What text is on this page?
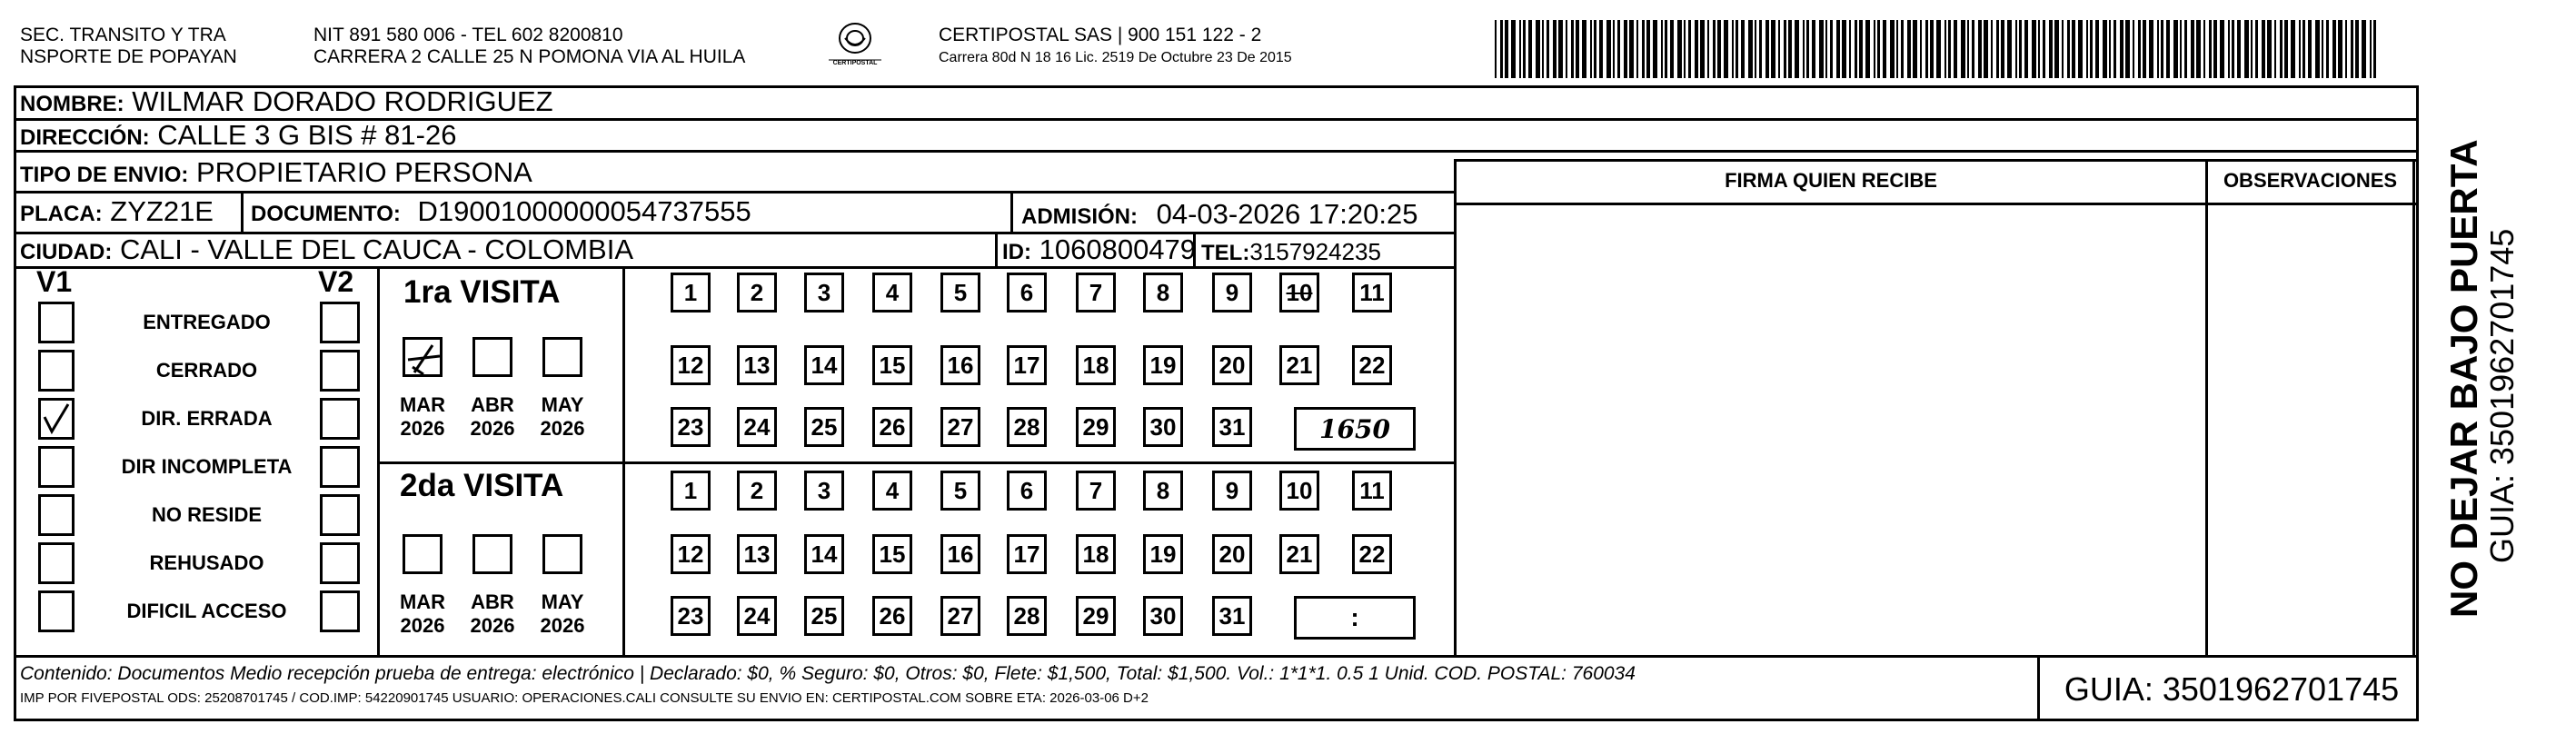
SEC. TRANSITO Y TRA
NSPORTE DE POPAYAN
NIT 891 580 006 - TEL 602 8200810
CARRERA 2 CALLE 25 N POMONA VIA AL HUILA	CERTIPOSTAL
CERTIPOSTAL SAS | 900 151 122 - 2
Carrera 80d N 18 16 Lic. 2519 De Octubre 23 De 2015
NOMBRE: WILMAR DORADO RODRIGUEZ
DIRECCIÓN: CALLE 3 G BIS # 81-26
TIPO DE ENVIO: PROPIETARIO PERSONA
PLACA: ZYZ21E DOCUMENTO: D19001000000054737555	ADMISIÓN: 04-03-2026 17:20:25
CIUDAD: CALI - VALLE DEL CAUCA - COLOMBIA	ID: 1060800479 TEL:3157924235
FIRMA QUIEN RECIBE	OBSERVACIONES
V1	V2
ENTREGADO
CERRADO
DIR. ERRADA
DIR INCOMPLETA
NO RESIDE
REHUSADO
DIFICIL ACCESO
1ra VISITA
2da VISITA
MAR
2026
ABR
2026
MAY
2026
MAR
2026
ABR
2026
MAY
2026
1	2	3	4	5	6	7	8	9	10	11
12 13 14 15 16 17 18 19 20 21 22
23 24 25 26 27 28 29 30 31	1650
1	2	3	4	5	6	7	8	9	10	11
12 13 14 15 16 17 18 19 20 21 22
23 24 25 26 27 28 29 30 31	:
Contenido: Documentos Medio recepción prueba de entrega: electrónico | Declarado: $0, % Seguro: $0, Otros: $0, Flete: $1,500, Total: $1,500. Vol.: 1*1*1. 0.5 1 Unid. COD. POSTAL: 760034
IMP POR FIVEPOSTAL ODS: 25208701745 / COD.IMP: 54220901745 USUARIO: OPERACIONES.CALI CONSULTE SU ENVIO EN: CERTIPOSTAL.COM SOBRE ETA: 2026-03-06 D+2	GUIA: 3501962701745
NO DEJAR BAJO PUERTA
GUIA: 3501962701745
